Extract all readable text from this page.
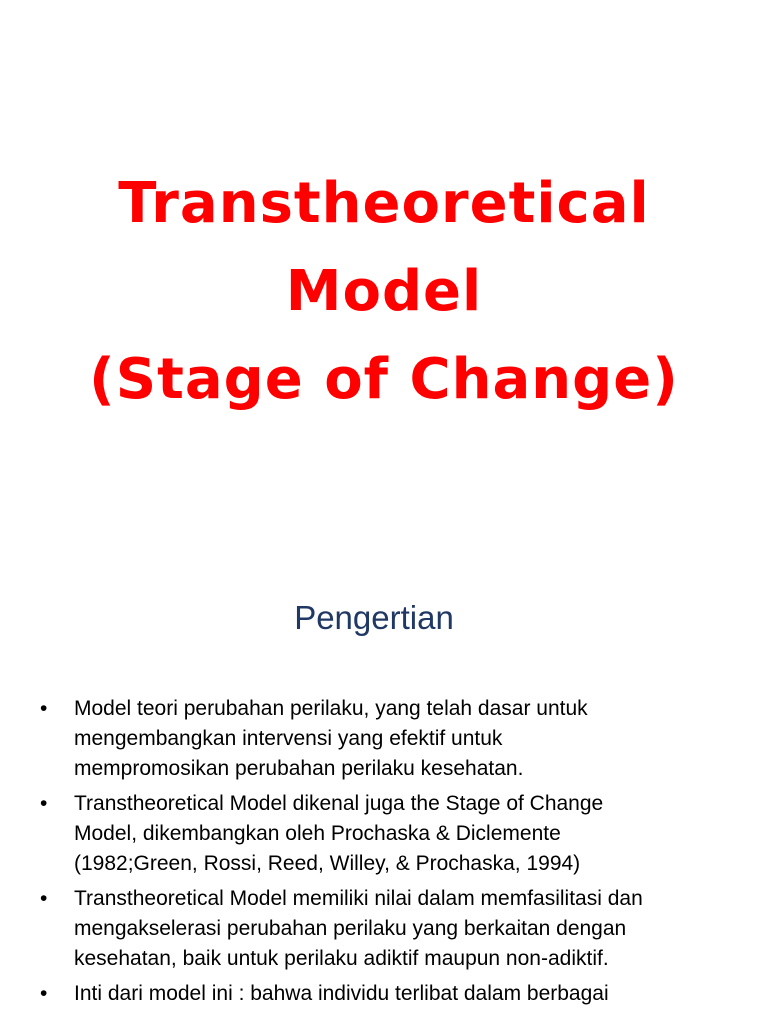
Transtheoretical
Model
(Stage of Change)
Pengertian
• Model teori perubahan perilaku, yang telah dasar untuk
mengembangkan intervensi yang efektif untuk
mempromosikan perubahan perilaku kesehatan.
• Transtheoretical Model dikenal juga the Stage of Change
Model, dikembangkan oleh Prochaska & Diclemente
(1982;Green, Rossi, Reed, Willey, & Prochaska, 1994)
• Transtheoretical Model memiliki nilai dalam memfasilitasi dan
mengakselerasi perubahan perilaku yang berkaitan dengan
kesehatan, baik untuk perilaku adiktif maupun non-adiktif.
• Inti dari model ini : bahwa individu terlibat dalam berbagai
